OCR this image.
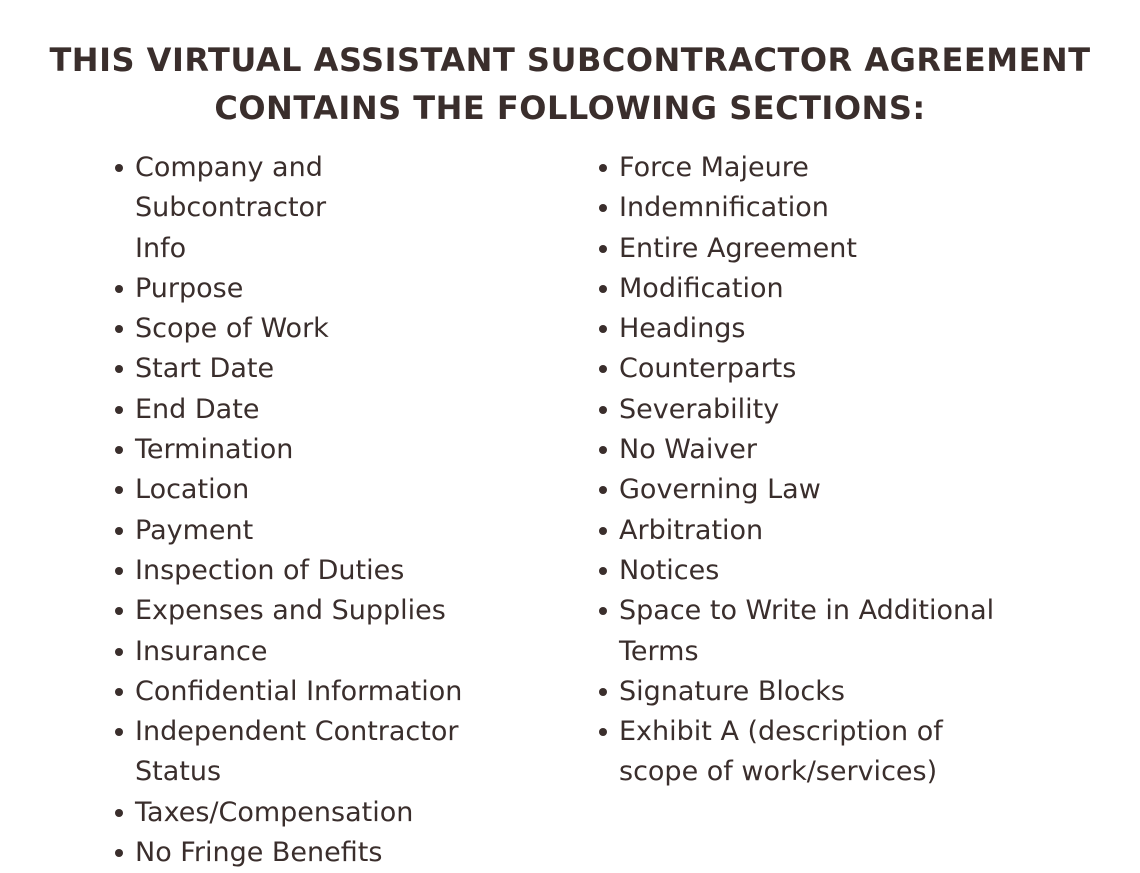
THIS VIRTUAL ASSISTANT SUBCONTRACTOR AGREEMENT
CONTAINS THE FOLLOWING SECTIONS:
Company and Subcontractor Info
Purpose
Scope of Work
Start Date
End Date
Termination
Location
Payment
Inspection of Duties
Expenses and Supplies
Insurance
Confidential Information
Independent Contractor Status
Taxes/Compensation
No Fringe Benefits
Force Majeure
Indemnification
Entire Agreement
Modification
Headings
Counterparts
Severability
No Waiver
Governing Law
Arbitration
Notices
Space to Write in Additional Terms
Signature Blocks
Exhibit A (description of scope of work/services)
